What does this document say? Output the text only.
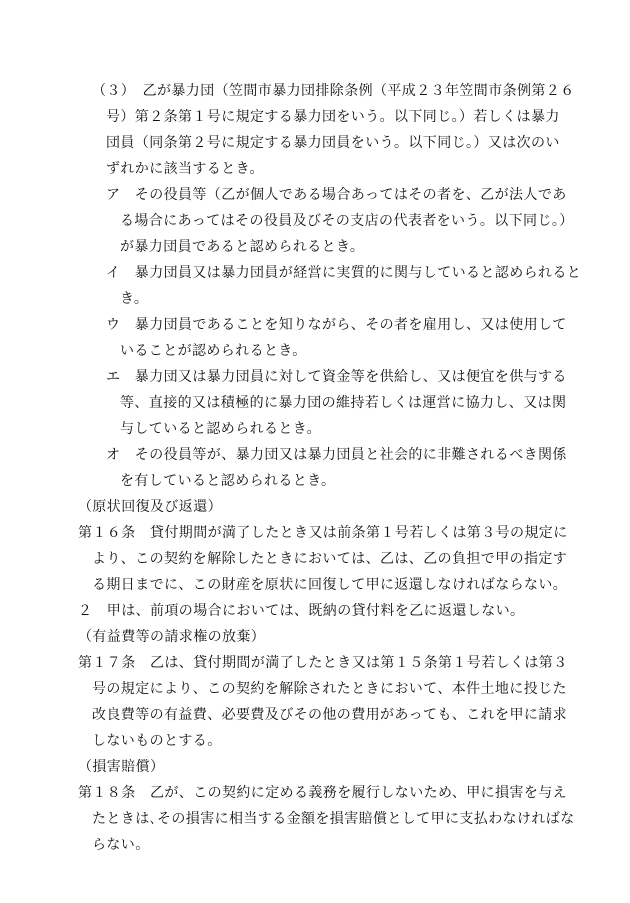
（３）　乙が暴力団（笠間市暴力団排除条例（平成２３年笠間市条例第２６
号）第２条第１号に規定する暴力団をいう。以下同じ。）若しくは暴力
団員（同条第２号に規定する暴力団員をいう。以下同じ。）又は次のい
ずれかに該当するとき。
ア　その役員等（乙が個人である場合あってはその者を、乙が法人であ
る場合にあってはその役員及びその支店の代表者をいう。以下同じ。）
が暴力団員であると認められるとき。
イ　暴力団員又は暴力団員が経営に実質的に関与していると認められると
き。
ウ　暴力団員であることを知りながら、その者を雇用し、又は使用して
いることが認められるとき。
エ　暴力団又は暴力団員に対して資金等を供給し、又は便宜を供与する
等、直接的又は積極的に暴力団の維持若しくは運営に協力し、又は関
与していると認められるとき。
オ　その役員等が、暴力団又は暴力団員と社会的に非難されるべき関係
を有していると認められるとき。
（原状回復及び返還）
第１６条　貸付期間が満了したとき又は前条第１号若しくは第３号の規定に
より、この契約を解除したときにおいては、乙は、乙の負担で甲の指定す
る期日までに、この財産を原状に回復して甲に返還しなければならない。
２　甲は、前項の場合においては、既納の貸付料を乙に返還しない。
（有益費等の請求権の放棄）
第１７条　乙は、貸付期間が満了したとき又は第１５条第１号若しくは第３
号の規定により、この契約を解除されたときにおいて、本件土地に投じた
改良費等の有益費、必要費及びその他の費用があっても、これを甲に請求
しないものとする。
（損害賠償）
第１８条　乙が、この契約に定める義務を履行しないため、甲に損害を与え
たときは､その損害に相当する金額を損害賠償として甲に支払わなければな
らない。
